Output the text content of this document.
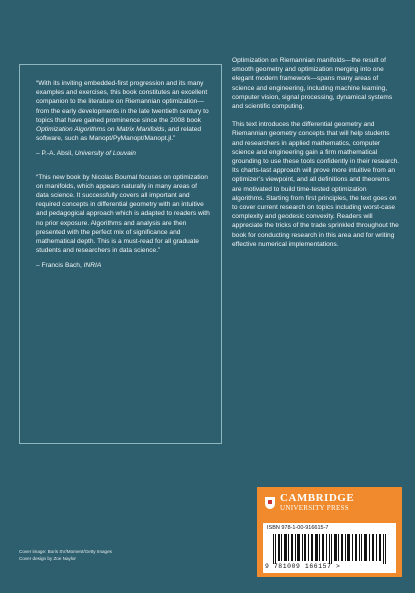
“With its inviting embedded-first progression and its many examples and exercises, this book constitutes an excellent companion to the literature on Riemannian optimization—from the early developments in the late twentieth century to topics that have gained prominence since the 2008 book Optimization Algorithms on Matrix Manifolds, and related software, such as Manopt/PyManopt/Manopt.jl.”

– P.-A. Absil, University of Louvain

“This new book by Nicolas Boumal focuses on optimization on manifolds, which appears naturally in many areas of data science. It successfully covers all important and required concepts in differential geometry with an intuitive and pedagogical approach which is adapted to readers with no prior exposure. Algorithms and analysis are then presented with the perfect mix of significance and mathematical depth. This is a must-read for all graduate students and researchers in data science.”

– Francis Bach, INRIA

Optimization on Riemannian manifolds—the result of smooth geometry and optimization merging into one elegant modern framework—spans many areas of science and engineering, including machine learning, computer vision, signal processing, dynamical systems and scientific computing.

This text introduces the differential geometry and Riemannian geometry concepts that will help students and researchers in applied mathematics, computer science and engineering gain a firm mathematical grounding to use these tools confidently in their research. Its charts-last approach will prove more intuitive from an optimizer’s viewpoint, and all definitions and theorems are motivated to build time-tested optimization algorithms. Starting from first principles, the text goes on to cover current research on topics including worst-case complexity and geodesic convexity. Readers will appreciate the tricks of the trade sprinkled throughout the book for conducting research in this area and for writing effective numerical implementations.

Cover image: Boris SV/Moment/Getty Images
Cover design by Zoe Naylor
CAMBRIDGE
UNIVERSITY PRESS
ISBN 978-1-00-916615-7
9 781009 166157 >
